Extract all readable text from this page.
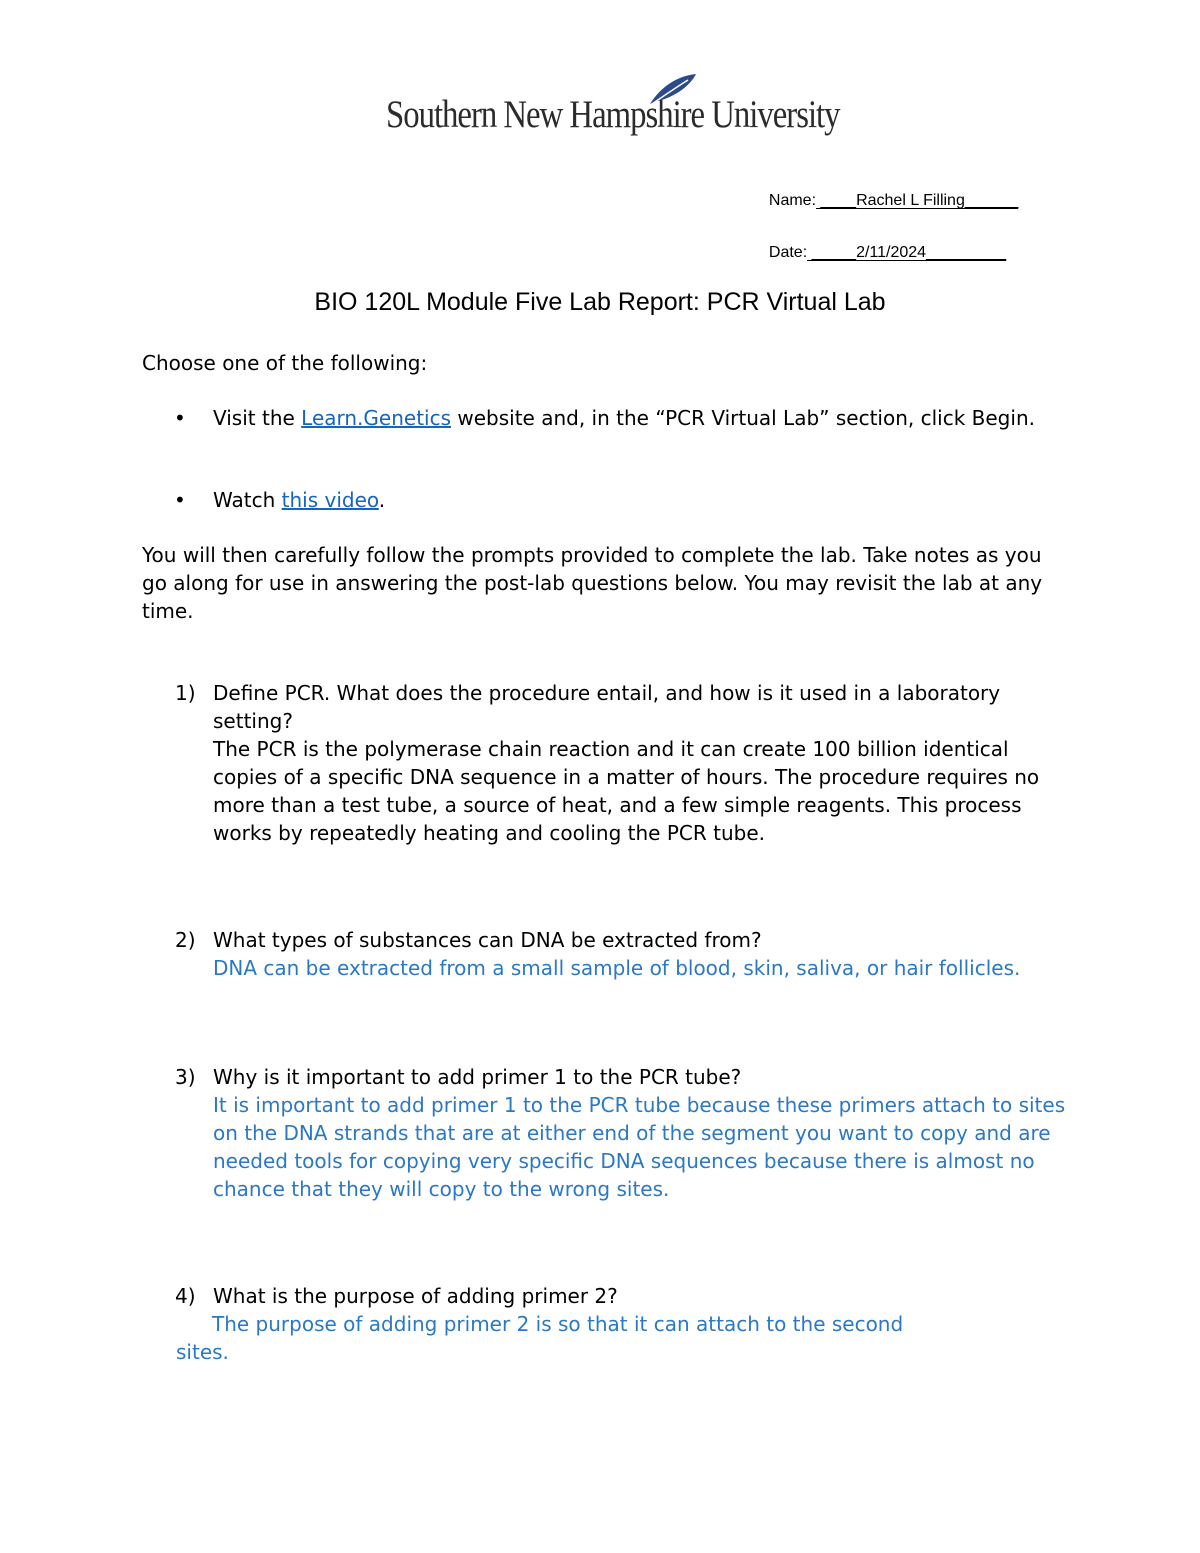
Southern New Hampshire University

Name: ____Rachel L Filling______

Date: _____2/11/2024_________

BIO 120L Module Five Lab Report: PCR Virtual Lab
Choose one of the following:
• Visit the Learn.Genetics website and, in the “PCR Virtual Lab” section, click Begin.
• Watch this video.
You will then carefully follow the prompts provided to complete the lab. Take notes as you go along for use in answering the post-lab questions below. You may revisit the lab at any time.
1) Define PCR. What does the procedure entail, and how is it used in a laboratory setting?
The PCR is the polymerase chain reaction and it can create 100 billion identical copies of a specific DNA sequence in a matter of hours. The procedure requires no more than a test tube, a source of heat, and a few simple reagents. This process works by repeatedly heating and cooling the PCR tube.
2) What types of substances can DNA be extracted from?
DNA can be extracted from a small sample of blood, skin, saliva, or hair follicles.
3) Why is it important to add primer 1 to the PCR tube?
It is important to add primer 1 to the PCR tube because these primers attach to sites on the DNA strands that are at either end of the segment you want to copy and are needed tools for copying very specific DNA sequences because there is almost no chance that they will copy to the wrong sites.
4) What is the purpose of adding primer 2?
The purpose of adding primer 2 is so that it can attach to the second
sites.
